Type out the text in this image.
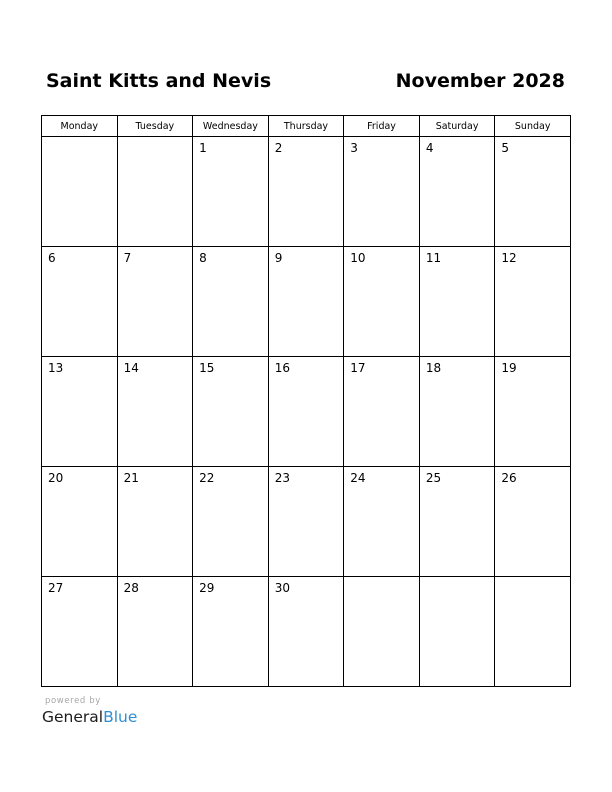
Saint Kitts and Nevis	November 2028
Monday	Tuesday	Wednesday	Thursday	Friday	Saturday	Sunday

		1	2	3	4	5

6	7	8	9	10	11	12

13	14	15	16	17	18	19

20	21	22	23	24	25	26

27	28	29	30			

powered by
GeneralBlue
